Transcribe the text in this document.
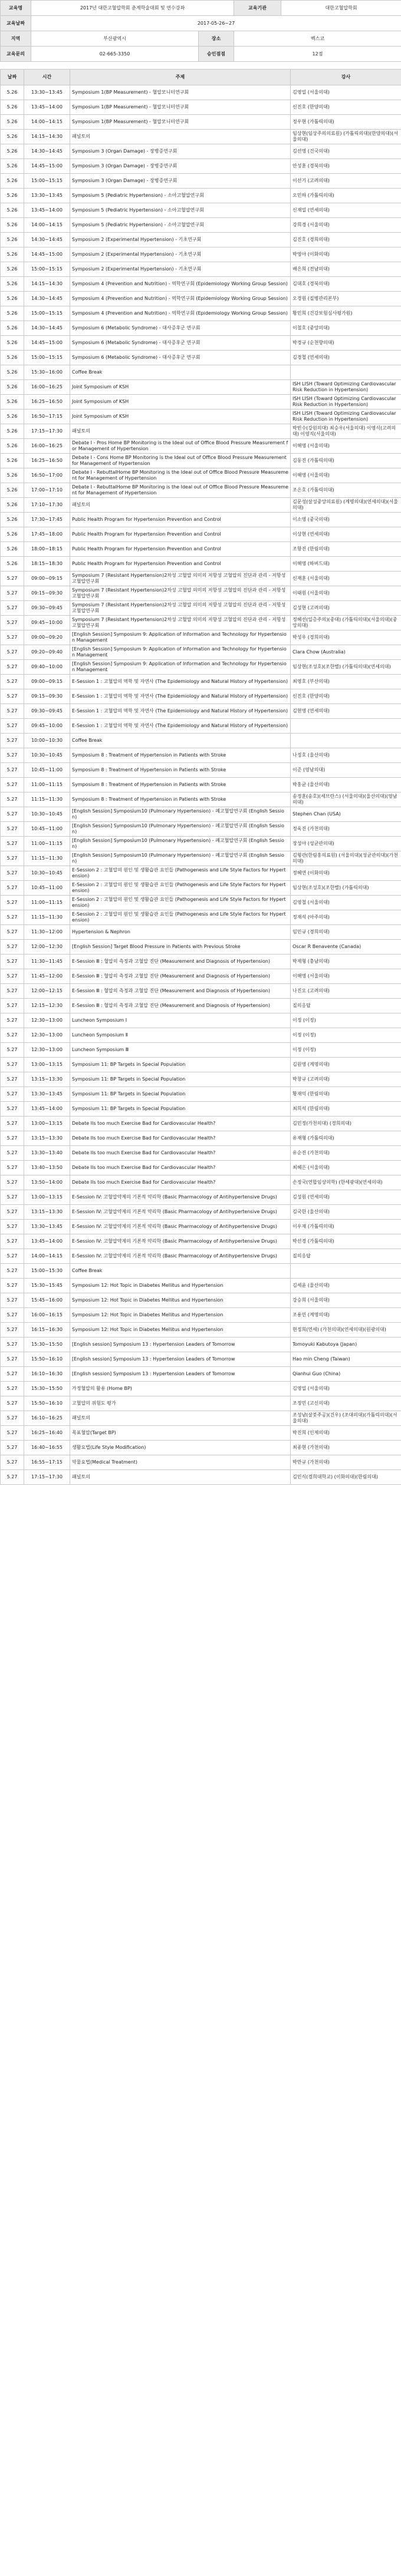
교육명	2017년 대한고혈압학회 춘계학술대회 및 연수강좌		교육기관	대한고혈압학회
교육날짜	2017-05-26~27			
지역	부산광역시	장소	벡스코	
교육문의	02-665-3350	승인점점	12점	
날짜	시간	주제	강사
5.26	13:30~13:45	Symposium 1(BP Measurement) - 혈압모니터연구회	김영일 (서울의대)
5.26	13:45~14:00	Symposium 1(BP Measurement) - 혈압모니터연구회	신진호 (한양의대)
5.26	14:00~14:15	Symposium 1(BP Measurement) - 혈압모니터연구회	정우현 (가톨릭의대)
5.26	14:15~14:30	패널토의	임상현(임상주의의료원) (가톨릭의대)(한양의대)(서울의대)
5.26	14:30~14:45	Symposium 3 (Organ Damage) - 장병증연구회	김선영 (건국의대)
5.26	14:45~15:00	Symposium 3 (Organ Damage) - 장병증연구회	안성훈 (경북의대)
5.26	15:00~15:15	Symposium 3 (Organ Damage) - 장병증연구회	이선기 (고려의대)
5.26	13:30~13:45	Symposium 5 (Pediatric Hypertension) - 소아고혈압연구회	오민하 (가톨릭의대)
5.26	13:45~14:00	Symposium 5 (Pediatric Hypertension) - 소아고혈압연구회	신재일 (연세의대)
5.26	14:00~14:15	Symposium 5 (Pediatric Hypertension) - 소아고혈압연구회	강희경 (서울의대)
5.26	14:30~14:45	Symposium 2 (Experimental Hypertension) - 기초연구회	김진호 (경희의대)
5.26	14:45~15:00	Symposium 2 (Experimental Hypertension) - 기초연구회	박영아 (이화의대)
5.26	15:00~15:15	Symposium 2 (Experimental Hypertension) - 기초연구회	배은희 (전남의대)
5.26	14:15~14:30	Symposium 4 (Prevention and Nutrition) - 역학연구회 (Epidemiology Working Group Session)	김대호 (경북의대)
5.26	14:30~14:45	Symposium 4 (Prevention and Nutrition) - 역학연구회 (Epidemiology Working Group Session)	오경원 (질병관리본부)
5.26	15:00~15:15	Symposium 4 (Prevention and Nutrition) - 역학연구회 (Epidemiology Working Group Session)	황민희 (건강보험심사평가원)
5.26	14:30~14:45	Symposium 6 (Metabolic Syndrome) - 대사증후군 연구회	이철호 (중앙의대)
5.26	14:45~15:00	Symposium 6 (Metabolic Syndrome) - 대사증후군 연구회	박경규 (순천향의대)
5.26	15:00~15:15	Symposium 6 (Metabolic Syndrome) - 대사증후군 연구회	김경철 (연세의대)
5.26	15:30~16:00	Coffee Break	
5.26	16:00~16:25	Joint Symposium of KSH	ISH LISH (Toward Optimizing Cardiovascular Risk Reduction in Hypertension)
5.26	16:25~16:50	Joint Symposium of KSH	ISH LISH (Toward Optimizing Cardiovascular Risk Reduction in Hypertension)
5.26	16:50~17:15	Joint Symposium of KSH	ISH LISH (Toward Optimizing Cardiovascular Risk Reduction in Hypertension)
5.26	17:15~17:30	패널토의	박빈수(강원의대) 최승우(서울의대) 이영식(고려의대) 이영직(서울의대)
5.26	16:00~16:25	Debate I - Pros Home BP Monitoring is the Ideal out of Office Blood Pressure Measurement for Management of Hypertension	이해영 (서울의대)
5.26	16:25~16:50	Debate I - Cons Home BP Monitoring is the Ideal out of Office Blood Pressure Measurement for Management of Hypertension	김동진 (가톨릭의대)
5.26	16:50~17:00	Debate I - RebuttalHome BP Monitoring is the Ideal out of Office Blood Pressure Measurement for Management of Hypertension	이해영 (서울의대)
5.26	17:00~17:10	Debate I - RebuttalHome BP Monitoring is the Ideal out of Office Blood Pressure Measurement for Management of Hypertension	조은호 (가톨릭의대)
5.26	17:10~17:30	패널토의	김문성(살성중앙의료원) (계명의대)(연세의대)(서울의대)
5.26	17:30~17:45	Public Health Program for Hypertension Prevention and Control	이소영 (중국의대)
5.26	17:45~18:00	Public Health Program for Hypertension Prevention and Control	이상현 (연세의대)
5.26	18:00~18:15	Public Health Program for Hypertension Prevention and Control	조항진 (한림의대)
5.26	18:15~18:30	Public Health Program for Hypertension Prevention and Control	이해영 (하버드대)
5.27	09:00~09:15	Symposium 7 (Resistant Hypertension)2차성 고혈압 의미의 저항성 고혈압의 진단과 관리 - 저항성고혈압연구회	신재훈 (서울의대)
5.27	09:15~09:30	Symposium 7 (Resistant Hypertension)2차성 고혈압 의미의 저항성 고혈압의 진단과 관리 - 저항성고혈압연구회	이태원 (서울의대)
5.27	09:30~09:45	Symposium 7 (Resistant Hypertension)2차성 고혈압 의미의 저항성 고혈압의 진단과 관리 - 저항성고혈압연구회	김성현 (고려의대)
5.27	09:45~10:00	Symposium 7 (Resistant Hypertension)2차성 고혈압 의미의 저항성 고혈압의 진단과 관리 - 저항성고혈압연구회	정혜선(일층주의)(중대) (가톨릭의대)(서울의대)(중앙의대)
5.27	09:00~09:20	[English Session] Symposium 9: Application of Information and Technology for Hypertension Management	박성우 (경희의대)
5.27	09:20~09:40	[English Session] Symposium 9: Application of Information and Technology for Hypertension Management	Clara Chow (Australia)
5.27	09:40~10:00	[English Session] Symposium 9: Application of Information and Technology for Hypertension Management	임상현(조성호)(조한별) (가톨릭의대)(연세의대)
5.27	09:00~09:15	E-Session 1 : 고혈압의 역학 및 자연사 (The Epidemiology and Natural History of Hypertension)	최영호 (부산의대)
5.27	09:15~09:30	E-Session 1 : 고혈압의 역학 및 자연사 (The Epidemiology and Natural History of Hypertension)	신진호 (한양의대)
5.27	09:30~09:45	E-Session 1 : 고혈압의 역학 및 자연사 (The Epidemiology and Natural History of Hypertension)	김현영 (연세의대)
5.27	09:45~10:00	E-Session 1 : 고혈압의 역학 및 자연사 (The Epidemiology and Natural History of Hypertension)	
5.27	10:00~10:30	Coffee Break	
5.27	10:30~10:45	Symposium 8 : Treatment of Hypertension in Patients with Stroke	나정호 (울산의대)
5.27	10:45~11:00	Symposium 8 : Treatment of Hypertension in Patients with Stroke	이준 (영남의대)
5.27	11:00~11:15	Symposium 8 : Treatment of Hypertension in Patients with Stroke	박홍균 (울산의대)
5.27	11:15~11:30	Symposium 8 : Treatment of Hypertension in Patients with Stroke	송정훈(송호)(세브란스) (서울의대)(울산의대)(영남의대)
5.27	10:30~10:45	[English Session] Symposium10 (Pulmonary Hypertension) - 폐고혈압연구회 (English Session)	Stephen Chan (USA)
5.27	10:45~11:00	[English Session] Symposium10 (Pulmonary Hypertension) - 폐고혈압연구회 (English Session)	정욱진 (가천의대)
5.27	11:00~11:15	[English Session] Symposium10 (Pulmonary Hypertension) - 폐고혈압연구회 (English Session)	장성아 (성균관의대)
5.27	11:15~11:30	[English Session] Symposium10 (Pulmonary Hypertension) - 폐고혈압연구회 (English Session)	김형관(한림홍의료원) (서울의대)(성균관의대)(가천의대)
5.27	10:30~10:45	E-Session 2 : 고혈압의 원인 및 생활습관 요인들 (Pathogenesis and Life Style Factors for Hypertension)	정혜연 (이화의대)
5.27	10:45~11:00	E-Session 2 : 고혈압의 원인 및 생활습관 요인들 (Pathogenesis and Life Style Factors for Hypertension)	임상현(조성호)(조한별) (가톨릭의대)
5.27	11:00~11:15	E-Session 2 : 고혈압의 원인 및 생활습관 요인들 (Pathogenesis and Life Style Factors for Hypertension)	김영철 (서울의대)
5.27	11:15~11:30	E-Session 2 : 고혈압의 원인 및 생활습관 요인들 (Pathogenesis and Life Style Factors for Hypertension)	정재석 (아주의대)
5.27	11:30~12:00	Hypertension & Nephron	임민규 (경희의대)
5.27	12:00~12:30	[English Session] Target Blood Pressure in Patients with Previous Stroke	Oscar R Benavente (Canada)
5.27	11:30~11:45	E-Session Ⅲ : 혈압의 측정과 고혈압 진단 (Measurement and Diagnosis of Hypertension)	박제형 (충남의대)
5.27	11:45~12:00	E-Session Ⅲ : 혈압의 측정과 고혈압 진단 (Measurement and Diagnosis of Hypertension)	이해영 (서울의대)
5.27	12:00~12:15	E-Session Ⅲ : 혈압의 측정과 고혈압 진단 (Measurement and Diagnosis of Hypertension)	나진오 (고려의대)
5.27	12:15~12:30	E-Session Ⅲ : 혈압의 측정과 고혈압 진단 (Measurement and Diagnosis of Hypertension)	질의응답
5.27	12:30~13:00	Luncheon Symposium Ⅰ	이정 (이정)
5.27	12:30~13:00	Luncheon Symposium Ⅱ	이정 (이정)
5.27	12:30~13:00	Luncheon Symposium Ⅲ	이정 (이정)
5.27	13:00~13:15	Symposium 11: BP Targets in Special Population	김원영 (계명의대)
5.27	13:15~13:30	Symposium 11: BP Targets in Special Population	박창규 (고려의대)
5.27	13:30~13:45	Symposium 11: BP Targets in Special Population	황재익 (한림의대)
5.27	13:45~14:00	Symposium 11: BP Targets in Special Population	최희석 (한림의대)
5.27	13:00~13:15	Debate IIs too much Exercise Bad for Cardiovascular Health?	김민정(가천의대) (경희의대)
5.27	13:15~13:30	Debate IIs too much Exercise Bad for Cardiovascular Health?	유재형 (가톨릭의대)
5.27	13:30~13:40	Debate IIs too much Exercise Bad for Cardiovascular Health?	유순진 (가천의대)
5.27	13:40~13:50	Debate IIs too much Exercise Bad for Cardiovascular Health?	최혜은 (서울의대)
5.27	13:50~14:00	Debate IIs too much Exercise Bad for Cardiovascular Health?	손정국(연합임상의학) (한세광대)(연세의대)
5.27	13:00~13:15	E-Session IV: 고혈압약제의 기본적 약리학 (Basic Pharmacology of Antihypertensive Drugs)	김성원 (연세의대)
5.27	13:15~13:30	E-Session IV: 고혈압약제의 기본적 약리학 (Basic Pharmacology of Antihypertensive Drugs)	김국한 (울산의대)
5.27	13:30~13:45	E-Session IV: 고혈압약제의 기본적 약리학 (Basic Pharmacology of Antihypertensive Drugs)	이우재 (가톨릭의대)
5.27	13:45~14:00	E-Session IV: 고혈압약제의 기본적 약리학 (Basic Pharmacology of Antihypertensive Drugs)	박선경 (가톨릭의대)
5.27	14:00~14:15	E-Session IV: 고혈압약제의 기본적 약리학 (Basic Pharmacology of Antihypertensive Drugs)	질의응답
5.27	15:00~15:30	Coffee Break	
5.27	15:30~15:45	Symposium 12: Hot Topic in Diabetes Mellitus and Hypertension	김세윤 (울산의대)
5.27	15:45~16:00	Symposium 12: Hot Topic in Diabetes Mellitus and Hypertension	강승희 (서울의대)
5.27	16:00~16:15	Symposium 12: Hot Topic in Diabetes Mellitus and Hypertension	조용민 (계명의대)
5.27	16:15~16:30	Symposium 12: Hot Topic in Diabetes Mellitus and Hypertension	현정희(연세) (가천의대)(연세의대)(원광의대)
5.27	15:30~15:50	[English session] Symposium 13 : Hypertension Leaders of Tomorrow	Tomoyuki Kabutoya (Japan)
5.27	15:50~16:10	[English session] Symposium 13 : Hypertension Leaders of Tomorrow	Hao min Cheng (Taiwan)
5.27	16:10~16:30	[English session] Symposium 13 : Hypertension Leaders of Tomorrow	Qianhui Guo (China)
5.27	15:30~15:50	가정혈압의 활용 (Home BP)	김영일 (서울의대)
5.27	15:50~16:10	고혈압의 위험도 평가	조정민 (고신의대)
5.27	16:10~16:25	패널토의	조성남(살붓주공)(건우) (조대의대)(가톨릭의대)(서울의대)
5.27	16:25~16:40	목표혈압(Target BP)	박진희 (인제의대)
5.27	16:40~16:55	생활요법(Life Style Modification)	최종현 (가천의대)
5.27	16:55~17:15	약물요법(Medical Treatment)	박만규 (가천의대)
5.27	17:15~17:30	패널토의	김민식(경희대학교) (이화의대)(한림의대)
